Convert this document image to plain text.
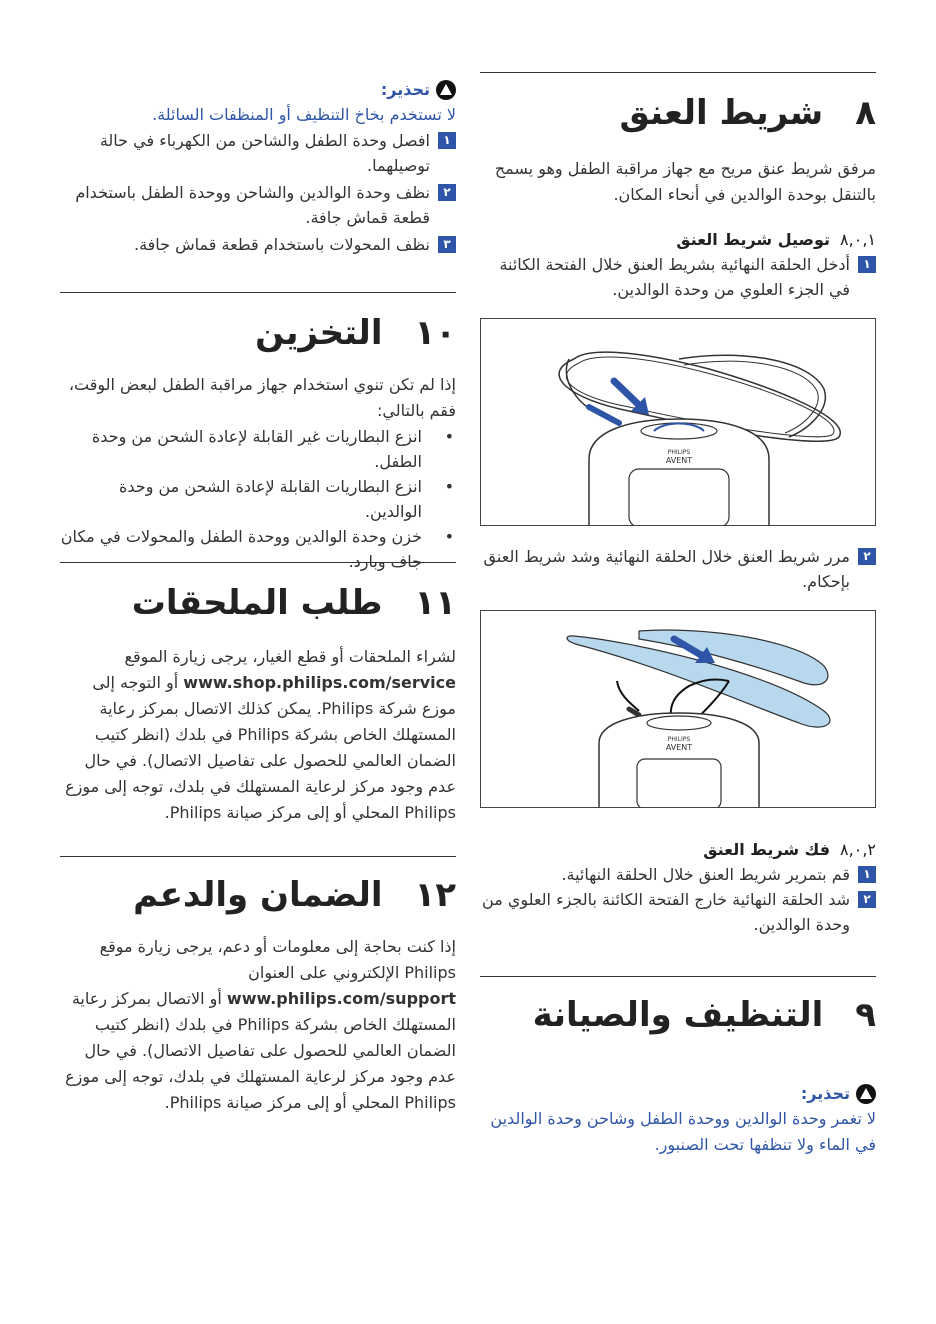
٨شريط العنق

مرفق شريط عنق مريح مع جهاز مراقبة الطفل وهو يسمح بالتنقل بوحدة الوالدين في أنحاء المكان.

٨,٠,١توصيل شريط العنق

١
أدخل الحلقة النهائية بشريط العنق خلال الفتحة الكائنة في الجزء العلوي من وحدة الوالدين.
PHILIPS
AVENT
٢
مرر شريط العنق خلال الحلقة النهائية وشد شريط العنق بإحكام.
PHILIPS
AVENT

٨,٠,٢فك شريط العنق

١
قم بتمرير شريط العنق خلال الحلقة النهائية.
٢
شد الحلقة النهائية خارج الفتحة الكائنة بالجزء العلوي من وحدة الوالدين.
٩التنظيف والصيانة
تحذير:

لا تغمر وحدة الوالدين ووحدة الطفل وشاحن وحدة الوالدين في الماء ولا تنظفها تحت الصنبور.

تحذير:

لا تستخدم بخاخ التنظيف أو المنظفات السائلة.

١
افصل وحدة الطفل والشاحن من الكهرباء في حالة توصيلهما.
٢
نظف وحدة الوالدين والشاحن ووحدة الطفل باستخدام قطعة قماش جافة.
٣
نظف المحولات باستخدام قطعة قماش جافة.
١٠التخزين

إذا لم تكن تنوي استخدام جهاز مراقبة الطفل لبعض الوقت، فقم بالتالي:

• انزع البطاريات غير القابلة لإعادة الشحن من وحدة الطفل.
• انزع البطاريات القابلة لإعادة الشحن من وحدة الوالدين.
• خزن وحدة الوالدين ووحدة الطفل والمحولات في مكان جاف وبارد.
١١طلب الملحقات

لشراء الملحقات أو قطع الغيار، يرجى زيارة الموقع www.shop.philips.com/service أو التوجه إلى موزع شركة Philips. يمكن كذلك الاتصال بمركز رعاية المستهلك الخاص بشركة Philips في بلدك (انظر كتيب الضمان العالمي للحصول على تفاصيل الاتصال). في حال عدم وجود مركز لرعاية المستهلك في بلدك، توجه إلى موزع Philips المحلي أو إلى مركز صيانة Philips.

١٢الضمان والدعم

إذا كنت بحاجة إلى معلومات أو دعم، يرجى زيارة موقع Philips الإلكتروني على العنوان www.philips.com/support أو الاتصال بمركز رعاية المستهلك الخاص بشركة Philips في بلدك (انظر كتيب الضمان العالمي للحصول على تفاصيل الاتصال). في حال عدم وجود مركز لرعاية المستهلك في بلدك، توجه إلى موزع Philips المحلي أو إلى مركز صيانة Philips.
